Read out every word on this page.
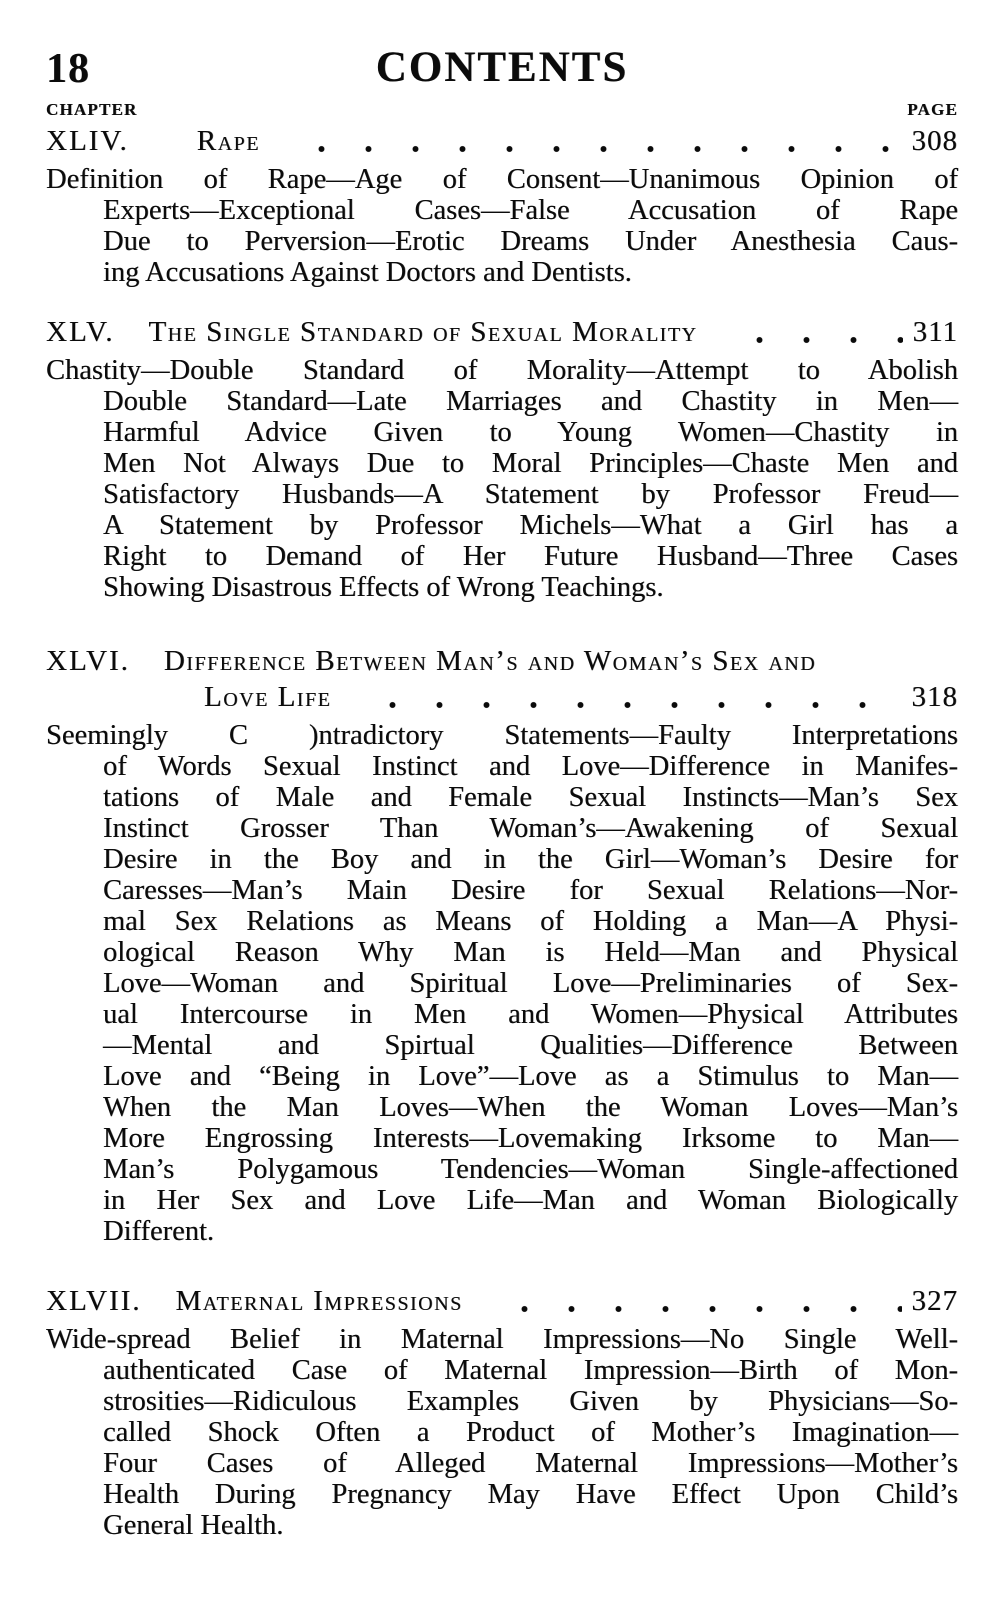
18	CONTENTS
CHAPTER	PAGE
XLIV. Rape	308
Definition of Rape—Age of Consent—Unanimous Opinion of
Experts—Exceptional Cases—False Accusation of Rape
Due to Perversion—Erotic Dreams Under Anesthesia Caus-
ing Accusations Against Doctors and Dentists.
XLV. The Single Standard of Sexual Morality	311
Chastity—Double Standard of Morality—Attempt to Abolish
Double Standard—Late Marriages and Chastity in Men—
Harmful Advice Given to Young Women—Chastity in
Men Not Always Due to Moral Principles—Chaste Men and
Satisfactory Husbands—A Statement by Professor Freud—
A Statement by Professor Michels—What a Girl has a
Right to Demand of Her Future Husband—Three Cases
Showing Disastrous Effects of Wrong Teachings.
XLVI. Difference Between Man’s and Woman’s Sex and
Love Life	318
Seemingly C )ntradictory Statements—Faulty Interpretations
of Words Sexual Instinct and Love—Difference in Manifes-
tations of Male and Female Sexual Instincts—Man’s Sex
Instinct Grosser Than Woman’s—Awakening of Sexual
Desire in the Boy and in the Girl—Woman’s Desire for
Caresses—Man’s Main Desire for Sexual Relations—Nor-
mal Sex Relations as Means of Holding a Man—A Physi-
ological Reason Why Man is Held—Man and Physical
Love—Woman and Spiritual Love—Preliminaries of Sex-
ual Intercourse in Men and Women—Physical Attributes
—Mental and Spirtual Qualities—Difference Between
Love and “Being in Love”—Love as a Stimulus to Man—
When the Man Loves—When the Woman Loves—Man’s
More Engrossing Interests—Lovemaking Irksome to Man—
Man’s Polygamous Tendencies—Woman Single-affectioned
in Her Sex and Love Life—Man and Woman Biologically
Different.
XLVII. Maternal Impressions	327
Wide-spread Belief in Maternal Impressions—No Single Well-
authenticated Case of Maternal Impression—Birth of Mon-
strosities—Ridiculous Examples Given by Physicians—So-
called Shock Often a Product of Mother’s Imagination—
Four Cases of Alleged Maternal Impressions—Mother’s
Health During Pregnancy May Have Effect Upon Child’s
General Health.
